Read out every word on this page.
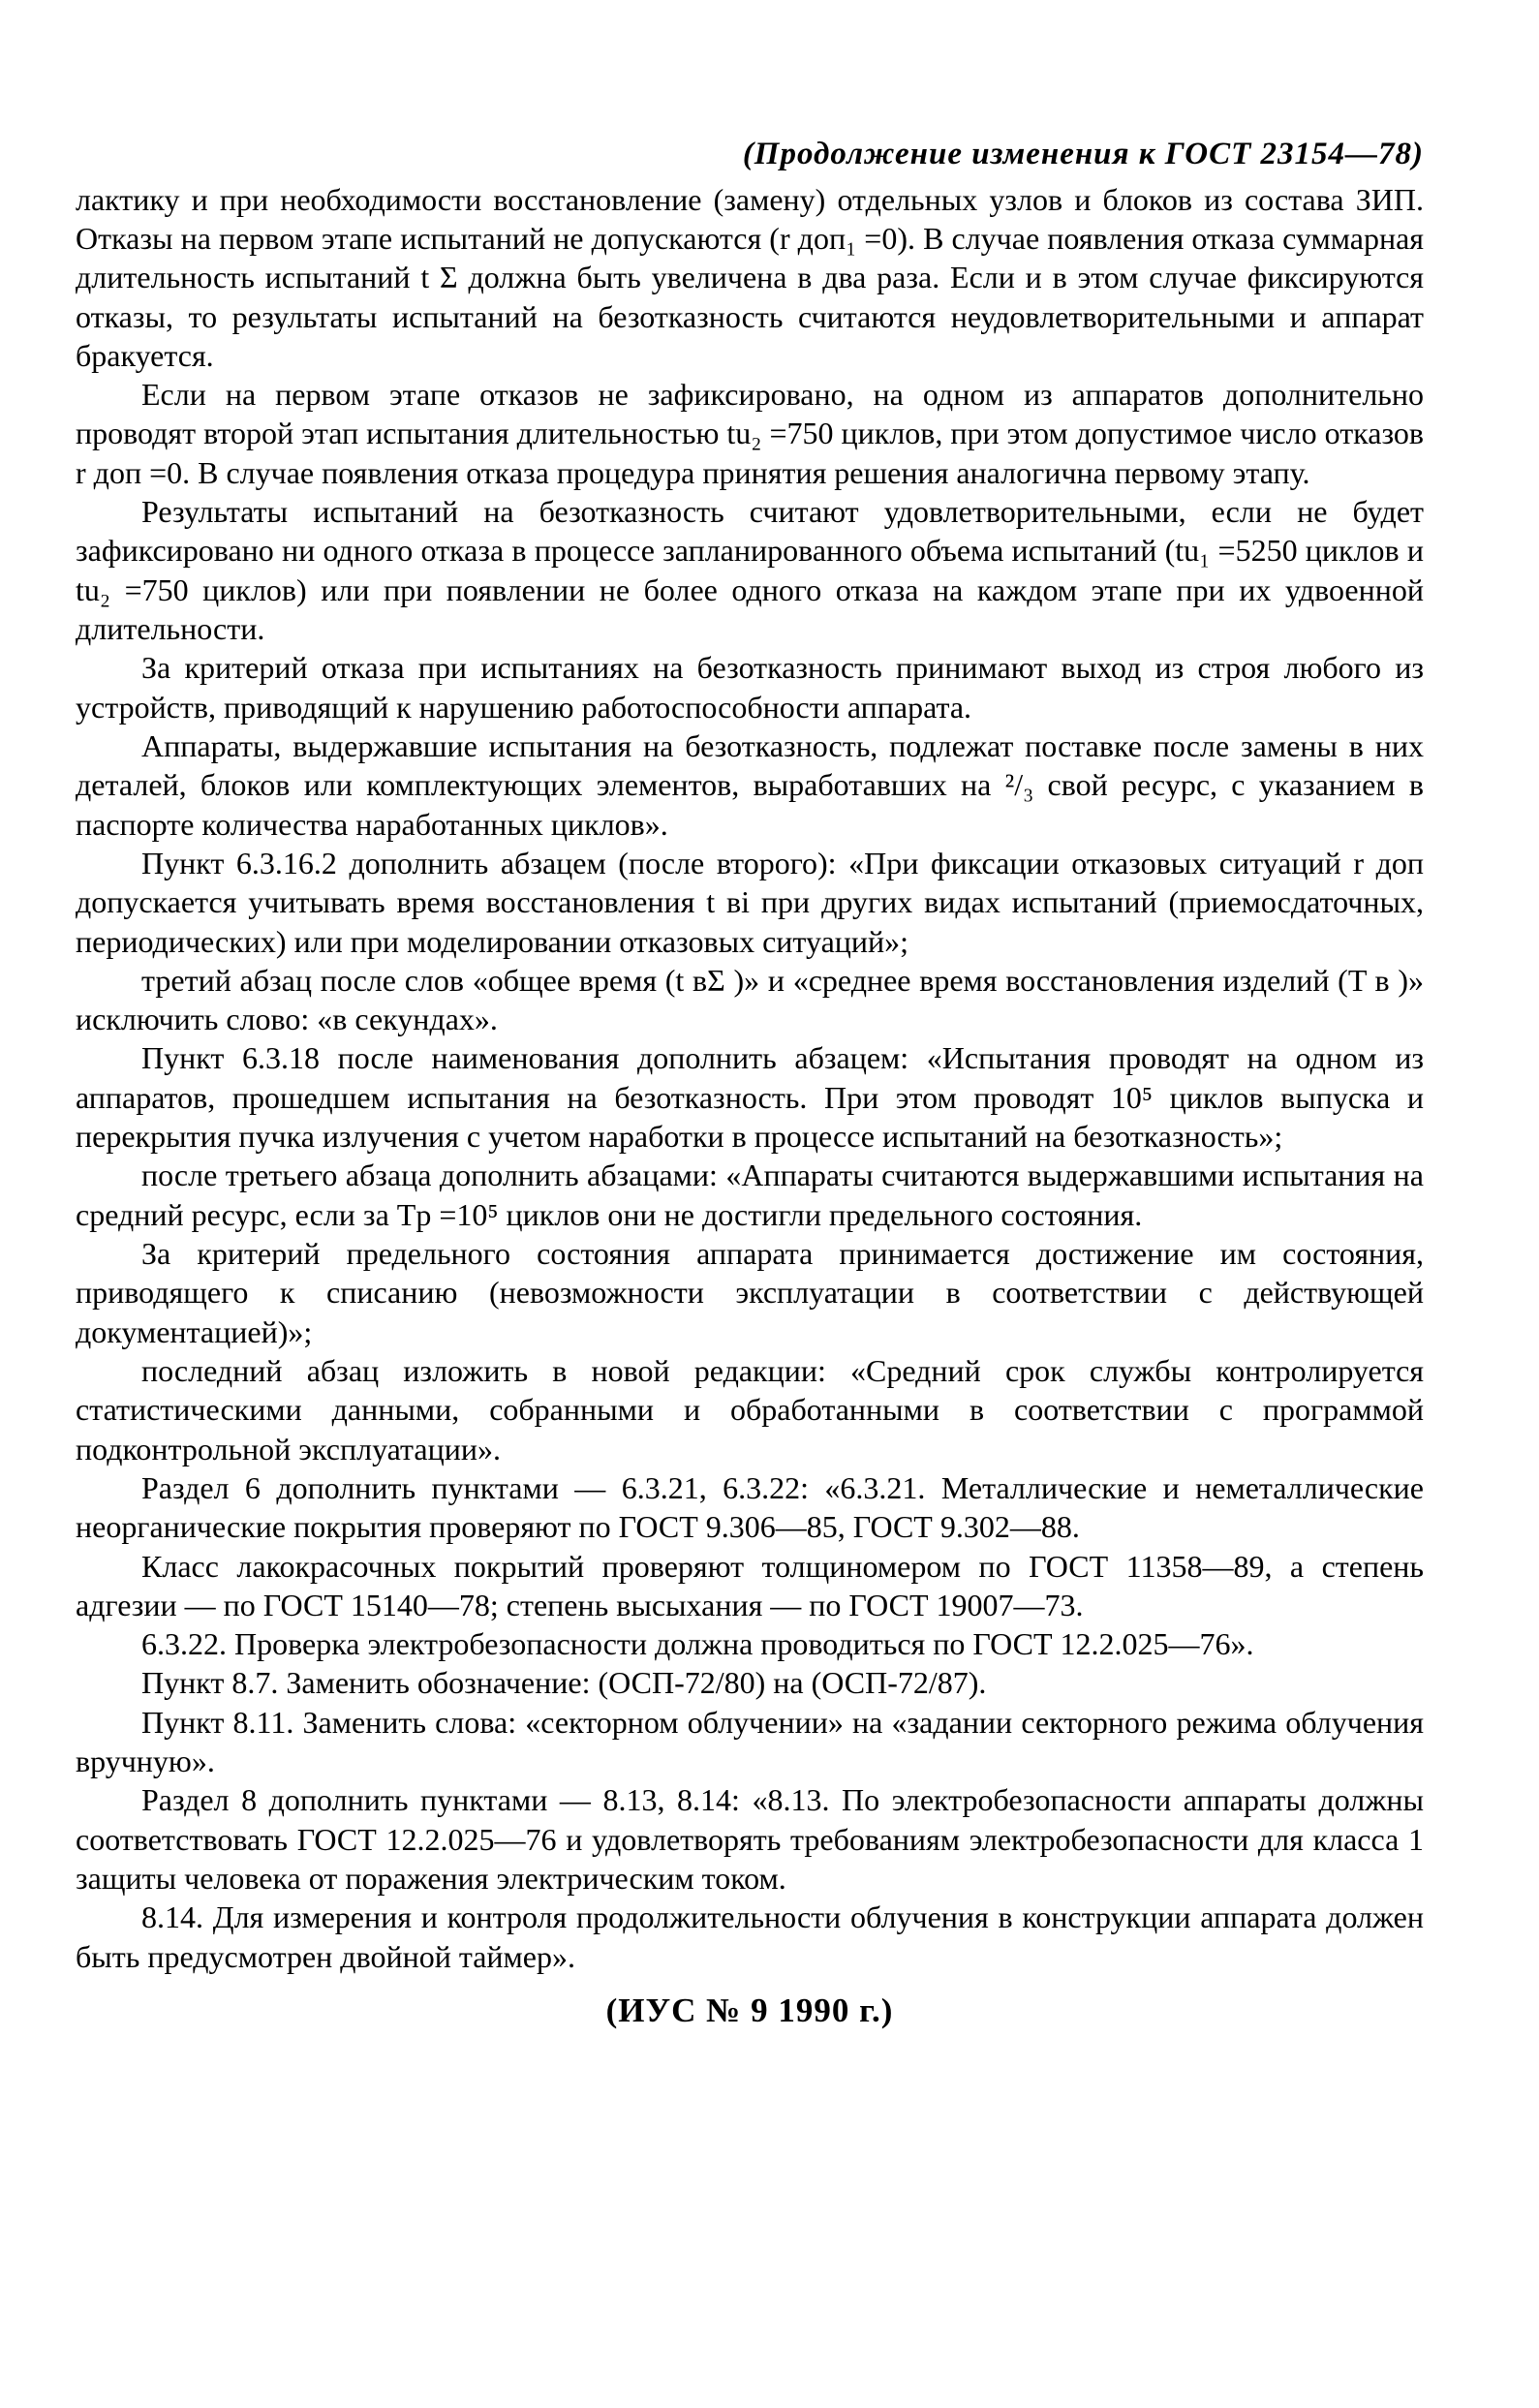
(Продолжение изменения к ГОСТ 23154—78)

лактику и при необходимости восстановление (замену) отдельных узлов и блоков из состава ЗИП. Отказы на первом этапе испытаний не допускаются (r доп₁ =0). В случае появления отказа суммарная длительность испытаний t Σ должна быть увеличена в два раза. Если и в этом случае фиксируются отказы, то результаты испытаний на безотказность считаются неудовлетворительными и аппарат бракуется.

Если на первом этапе отказов не зафиксировано, на одном из аппаратов дополнительно проводят второй этап испытания длительностью tu₂ =750 циклов, при этом допустимое число отказов r доп =0. В случае появления отказа процедура принятия решения аналогична первому этапу.

Результаты испытаний на безотказность считают удовлетворительными, если не будет зафиксировано ни одного отказа в процессе запланированного объема испытаний (tu₁ =5250 циклов и tu₂ =750 циклов) или при появлении не более одного отказа на каждом этапе при их удвоенной длительности.

За критерий отказа при испытаниях на безотказность принимают выход из строя любого из устройств, приводящий к нарушению работоспособности аппарата.

Аппараты, выдержавшие испытания на безотказность, подлежат поставке после замены в них деталей, блоков или комплектующих элементов, выработавших на ²/₃ свой ресурс, с указанием в паспорте количества наработанных циклов».

Пункт 6.3.16.2 дополнить абзацем (после второго): «При фиксации отказовых ситуаций r доп допускается учитывать время восстановления t вi при других видах испытаний (приемосдаточных, периодических) или при моделировании отказовых ситуаций»;

третий абзац после слов «общее время (t вΣ )» и «среднее время восстановления изделий (T в )» исключить слово: «в секундах».

Пункт 6.3.18 после наименования дополнить абзацем: «Испытания проводят на одном из аппаратов, прошедшем испытания на безотказность. При этом проводят 10⁵ циклов выпуска и перекрытия пучка излучения с учетом наработки в процессе испытаний на безотказность»;

после третьего абзаца дополнить абзацами: «Аппараты считаются выдержавшими испытания на средний ресурс, если за Tр =10⁵ циклов они не достигли предельного состояния.

За критерий предельного состояния аппарата принимается достижение им состояния, приводящего к списанию (невозможности эксплуатации в соответствии с действующей документацией)»;

последний абзац изложить в новой редакции: «Средний срок службы контролируется статистическими данными, собранными и обработанными в соответствии с программой подконтрольной эксплуатации».

Раздел 6 дополнить пунктами — 6.3.21, 6.3.22: «6.3.21. Металлические и неметаллические неорганические покрытия проверяют по ГОСТ 9.306—85, ГОСТ 9.302—88.

Класс лакокрасочных покрытий проверяют толщиномером по ГОСТ 11358—89, а степень адгезии — по ГОСТ 15140—78; степень высыхания — по ГОСТ 19007—73.

6.3.22. Проверка электробезопасности должна проводиться по ГОСТ 12.2.025—76».

Пункт 8.7. Заменить обозначение: (ОСП-72/80) на (ОСП-72/87).

Пункт 8.11. Заменить слова: «секторном облучении» на «задании секторного режима облучения вручную».

Раздел 8 дополнить пунктами — 8.13, 8.14: «8.13. По электробезопасности аппараты должны соответствовать ГОСТ 12.2.025—76 и удовлетворять требованиям электробезопасности для класса 1 защиты человека от поражения электрическим током.

8.14. Для измерения и контроля продолжительности облучения в конструкции аппарата должен быть предусмотрен двойной таймер».

(ИУС № 9 1990 г.)
